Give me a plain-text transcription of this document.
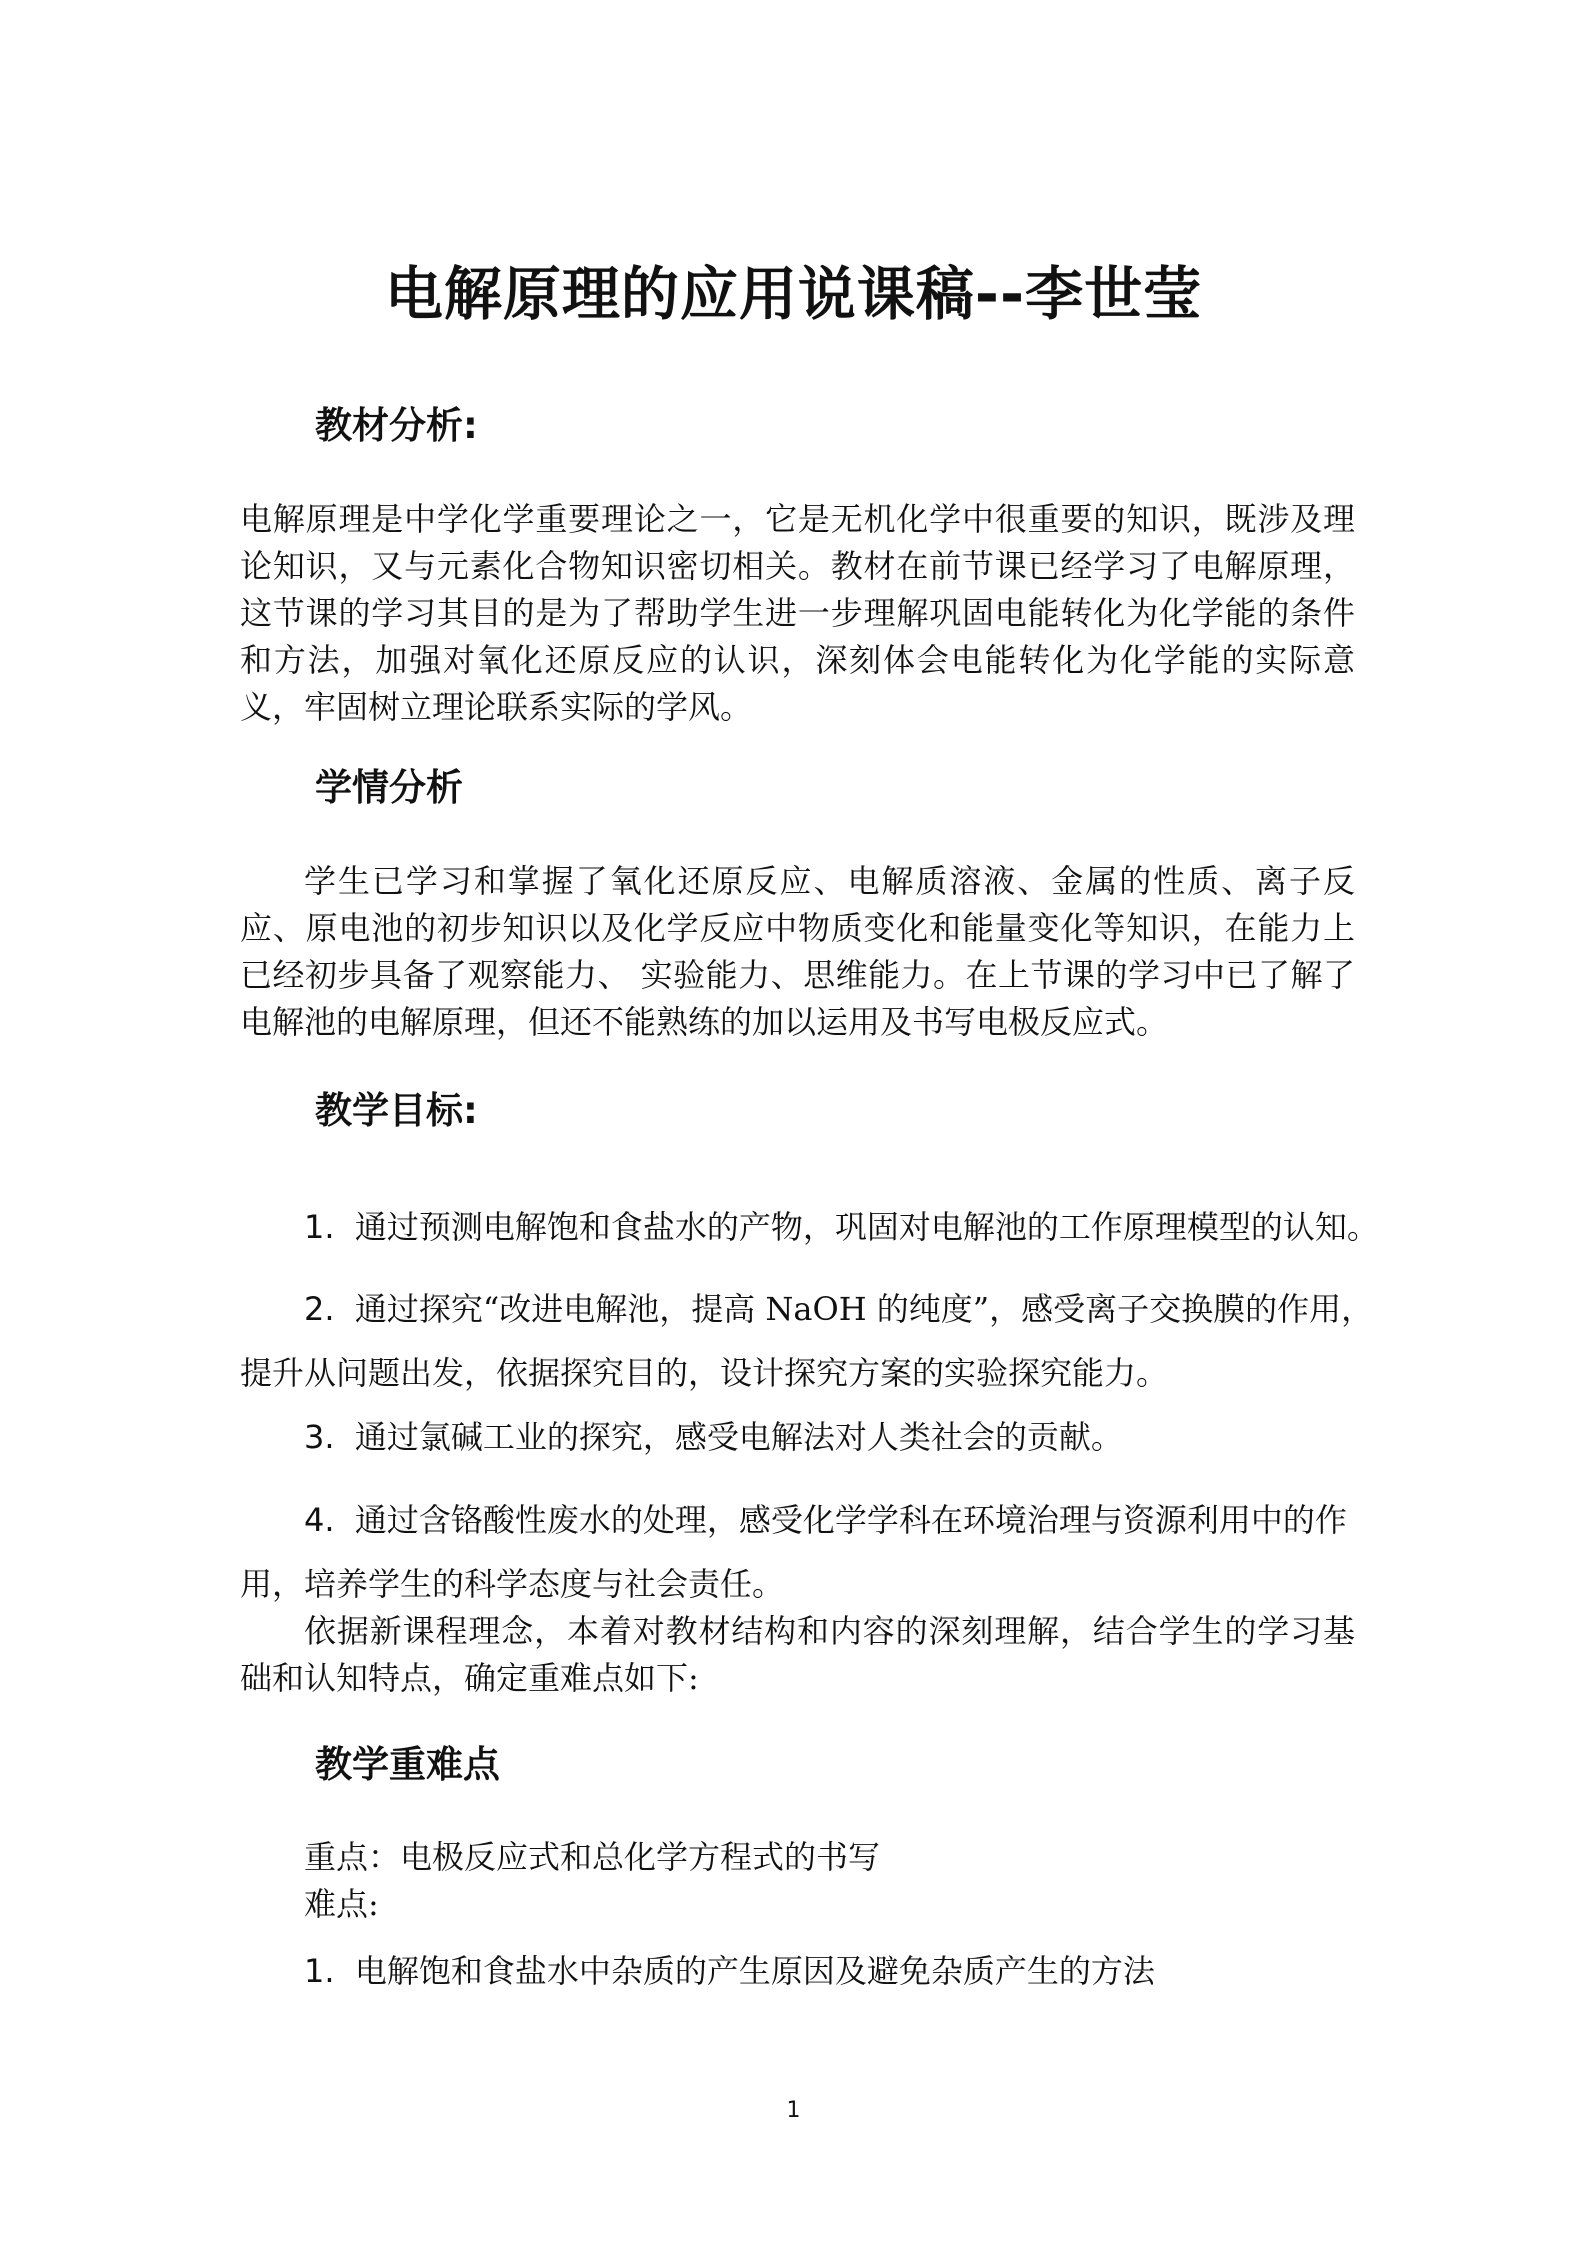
电解原理的应用说课稿--李世莹
教材分析:

电解原理是中学化学重要理论之一，它是无机化学中很重要的知识，既涉及理论知识，又与元素化合物知识密切相关。教材在前节课已经学习了电解原理，这节课的学习其目的是为了帮助学生进一步理解巩固电能转化为化学能的条件和方法，加强对氧化还原反应的认识，深刻体会电能转化为化学能的实际意义，牢固树立理论联系实际的学风。

学情分析

学生已学习和掌握了氧化还原反应、电解质溶液、金属的性质、离子反应、原电池的初步知识以及化学反应中物质变化和能量变化等知识，在能力上已经初步具备了观察能力、 实验能力、思维能力。在上节课的学习中已了解了电解池的电解原理，但还不能熟练的加以运用及书写电极反应式。

教学目标:

1. 通过预测电解饱和食盐水的产物，巩固对电解池的工作原理模型的认知。

2. 通过探究“改进电解池，提高 NaOH 的纯度”，感受离子交换膜的作用，

提升从问题出发，依据探究目的，设计探究方案的实验探究能力。

3. 通过氯碱工业的探究，感受电解法对人类社会的贡献。

4. 通过含铬酸性废水的处理，感受化学学科在环境治理与资源利用中的作

用，培养学生的科学态度与社会责任。

依据新课程理念，本着对教材结构和内容的深刻理解，结合学生的学习基础和认知特点，确定重难点如下:

教学重难点

重点：电极反应式和总化学方程式的书写

难点:

1. 电解饱和食盐水中杂质的产生原因及避免杂质产生的方法

1
